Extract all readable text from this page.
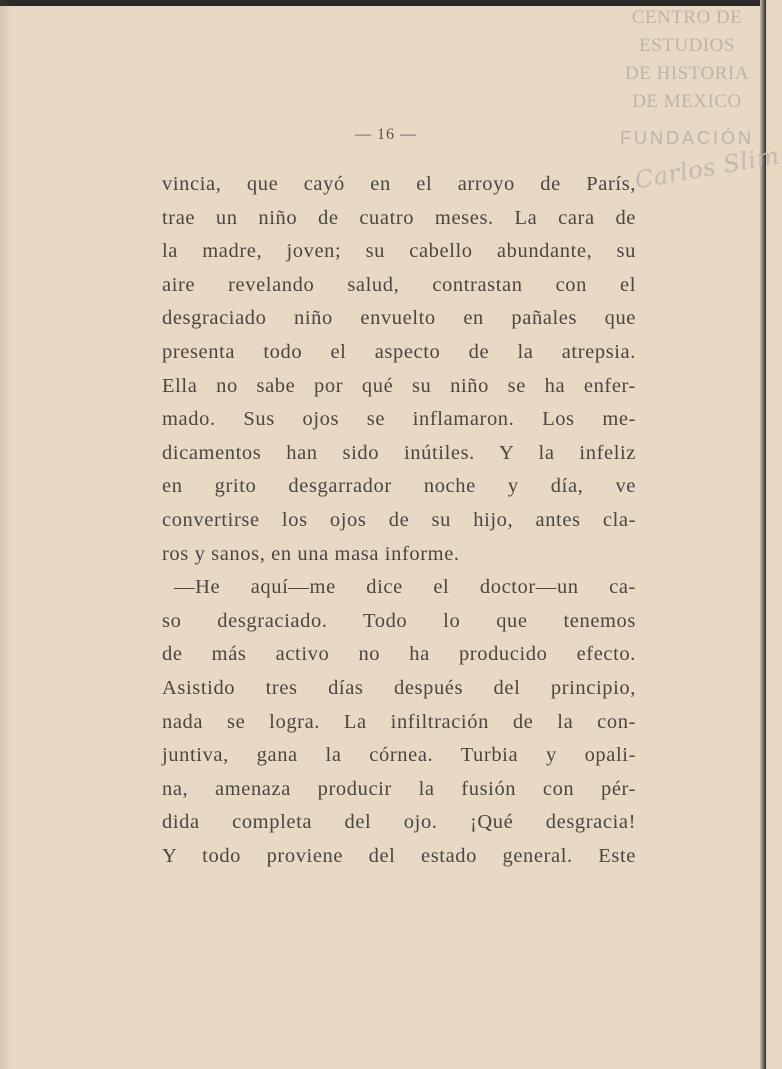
CENTRO DE
ESTUDIOS
DE HISTORIA
DE MEXICO
FUNDACIÓN
Carlos Slim
— 16 —
vincia, que cayó en el arroyo de París,
trae un niño de cuatro meses. La cara de
la madre, joven; su cabello abundante, su
aire revelando salud, contrastan con el
desgraciado niño envuelto en pañales que
presenta todo el aspecto de la atrepsia.
Ella no sabe por qué su niño se ha enfer-
mado. Sus ojos se inflamaron. Los me-
dicamentos han sido inútiles. Y la infeliz
en grito desgarrador noche y día, ve
convertirse los ojos de su hijo, antes cla-
ros y sanos, en una masa informe.
—He aquí—me dice el doctor—un ca-
so desgraciado. Todo lo que tenemos
de más activo no ha producido efecto.
Asistido tres días después del principio,
nada se logra. La infiltración de la con-
juntiva, gana la córnea. Turbia y opali-
na, amenaza producir la fusión con pér-
dida completa del ojo. ¡Qué desgracia!
Y todo proviene del estado general. Este
